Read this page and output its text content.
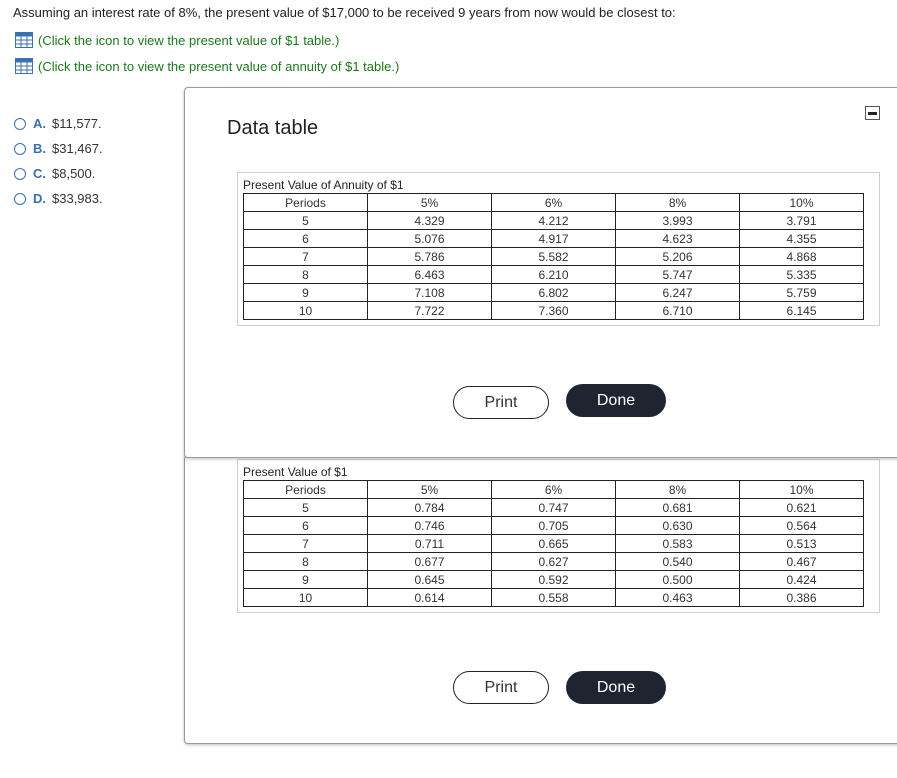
Assuming an interest rate of 8%, the present value of $17,000 to be received 9 years from now would be closest to:
(Click the icon to view the present value of $1 table.)
(Click the icon to view the present value of annuity of $1 table.)
A. $11,577.
B. $31,467.
C. $8,500.
D. $33,983.
Present Value of $1
Periods	5%	6%	8%	10%
5	0.784	0.747	0.681	0.621
6	0.746	0.705	0.630	0.564
7	0.711	0.665	0.583	0.513
8	0.677	0.627	0.540	0.467
9	0.645	0.592	0.500	0.424
10	0.614	0.558	0.463	0.386
Print	Done
Data table
Present Value of Annuity of $1
Periods	5%	6%	8%	10%
5	4.329	4.212	3.993	3.791
6	5.076	4.917	4.623	4.355
7	5.786	5.582	5.206	4.868
8	6.463	6.210	5.747	5.335
9	7.108	6.802	6.247	5.759
10	7.722	7.360	6.710	6.145
Print	Done
